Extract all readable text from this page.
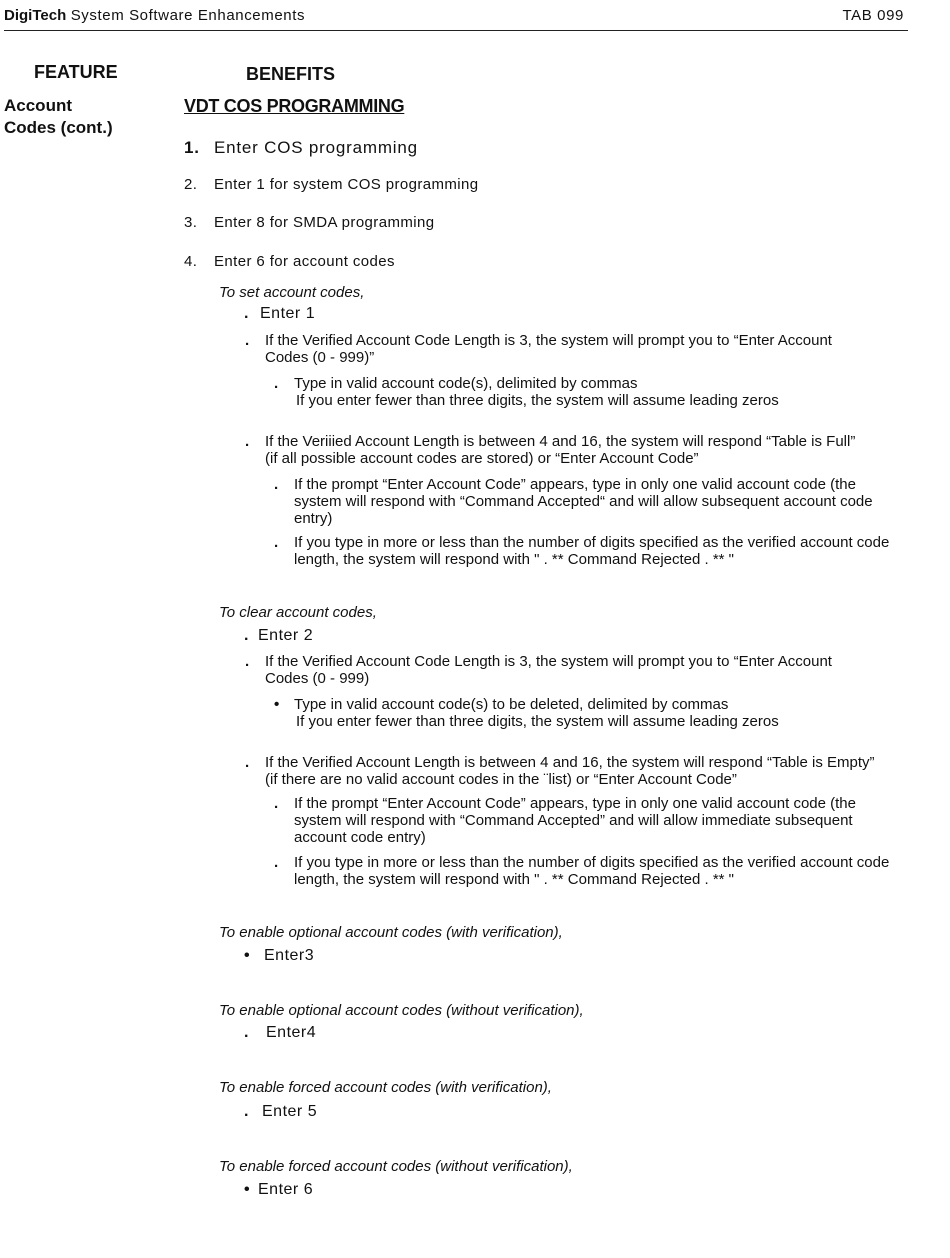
DigiTech System Software Enhancements	TAB 099
FEATURE	BENEFITS
Account
Codes (cont.)
VDT COS PROGRAMMING
1. Enter COS programming
2. Enter 1 for system COS programming
3. Enter 8 for SMDA programming
4. Enter 6 for account codes
To set account codes,
. Enter 1
. If the Verified Account Code Length is 3, the system will prompt you to “Enter Account Codes (0 - 999)”
. Type in valid account code(s), delimited by commas
If you enter fewer than three digits, the system will assume leading zeros
. If the Veriiied Account Length is between 4 and 16, the system will respond “Table is Full” (if all possible account codes are stored) or “Enter Account Code”
. If the prompt “Enter Account Code” appears, type in only one valid account code (the system will respond with “Command Accepted“ and will allow subsequent account code entry)
. If you type in more or less than the number of digits specified as the verified account code length, the system will respond with " . ** Command Rejected . ** "
To clear account codes,
. Enter 2
. If the Verified Account Code Length is 3, the system will prompt you to “Enter Account Codes (0 - 999)
• Type in valid account code(s) to be deleted, delimited by commas
If you enter fewer than three digits, the system will assume leading zeros
. If the Verified Account Length is between 4 and 16, the system will respond “Table is Empty” (if there are no valid account codes in the ¨list) or “Enter Account Code”
. If the prompt “Enter Account Code” appears, type in only one valid account code (the system will respond with “Command Accepted” and will allow immediate subsequent account code entry)
. If you type in more or less than the number of digits specified as the verified account code length, the system will respond with " . ** Command Rejected . ** "
To enable optional account codes (with verification),
• Enter3
To enable optional account codes (without verification),
. Enter4
To enable forced account codes (with verification),
. Enter 5
To enable forced account codes (without verification),
• Enter 6
